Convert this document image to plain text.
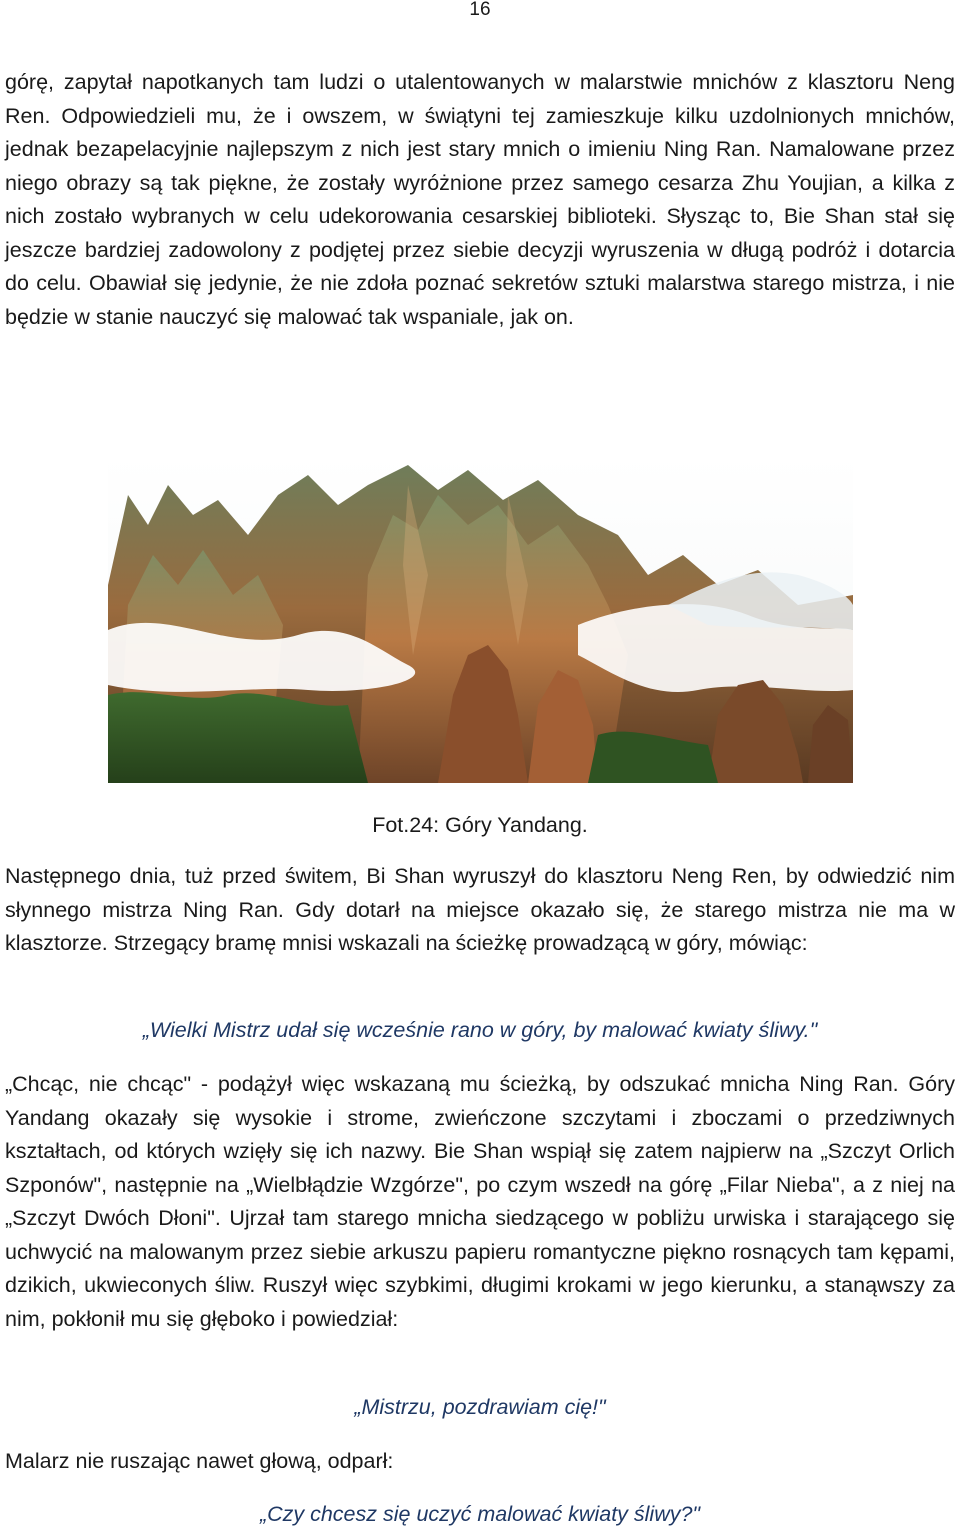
16

górę, zapytał napotkanych tam ludzi o utalentowanych w malarstwie mnichów z klasztoru Neng Ren. Odpowiedzieli mu, że i owszem, w świątyni tej zamieszkuje kilku uzdolnionych mnichów, jednak bezapelacyjnie najlepszym z nich jest stary mnich o imieniu Ning Ran. Namalowane przez niego obrazy są tak piękne, że zostały wyróżnione przez samego cesarza Zhu Youjian, a kilka z nich zostało wybranych w celu udekorowania cesarskiej biblioteki. Słysząc to, Bie Shan stał się jeszcze bardziej zadowolony z podjętej przez siebie decyzji wyruszenia w długą podróż i dotarcia do celu. Obawiał się jedynie, że nie zdoła poznać sekretów sztuki malarstwa starego mistrza, i nie będzie w stanie nauczyć się malować tak wspaniale, jak on.

Fot.24: Góry Yandang.

Następnego dnia, tuż przed świtem, Bi Shan wyruszył do klasztoru Neng Ren, by odwiedzić nim słynnego mistrza Ning Ran. Gdy dotarł na miejsce okazało się, że starego mistrza nie ma w klasztorze. Strzegący bramę mnisi wskazali na ścieżkę prowadzącą w góry, mówiąc:

„Wielki Mistrz udał się wcześnie rano w góry, by malować kwiaty śliwy."

„Chcąc, nie chcąc" - podążył więc wskazaną mu ścieżką, by odszukać mnicha Ning Ran. Góry Yandang okazały się wysokie i strome, zwieńczone szczytami i zboczami o przedziwnych kształtach, od których wzięły się ich nazwy. Bie Shan wspiął się zatem najpierw na „Szczyt Orlich Szponów", następnie na „Wielbłądzie Wzgórze", po czym wszedł na górę „Filar Nieba", a z niej na „Szczyt Dwóch Dłoni". Ujrzał tam starego mnicha siedzącego w pobliżu urwiska i starającego się uchwycić na malowanym przez siebie arkuszu papieru romantyczne piękno rosnących tam kępami, dzikich, ukwieconych śliw. Ruszył więc szybkimi, długimi krokami w jego kierunku, a stanąwszy za nim, pokłonił mu się głęboko i powiedział:

„Mistrzu, pozdrawiam cię!"

Malarz nie ruszając nawet głową, odparł:

„Czy chcesz się uczyć malować kwiaty śliwy?"
